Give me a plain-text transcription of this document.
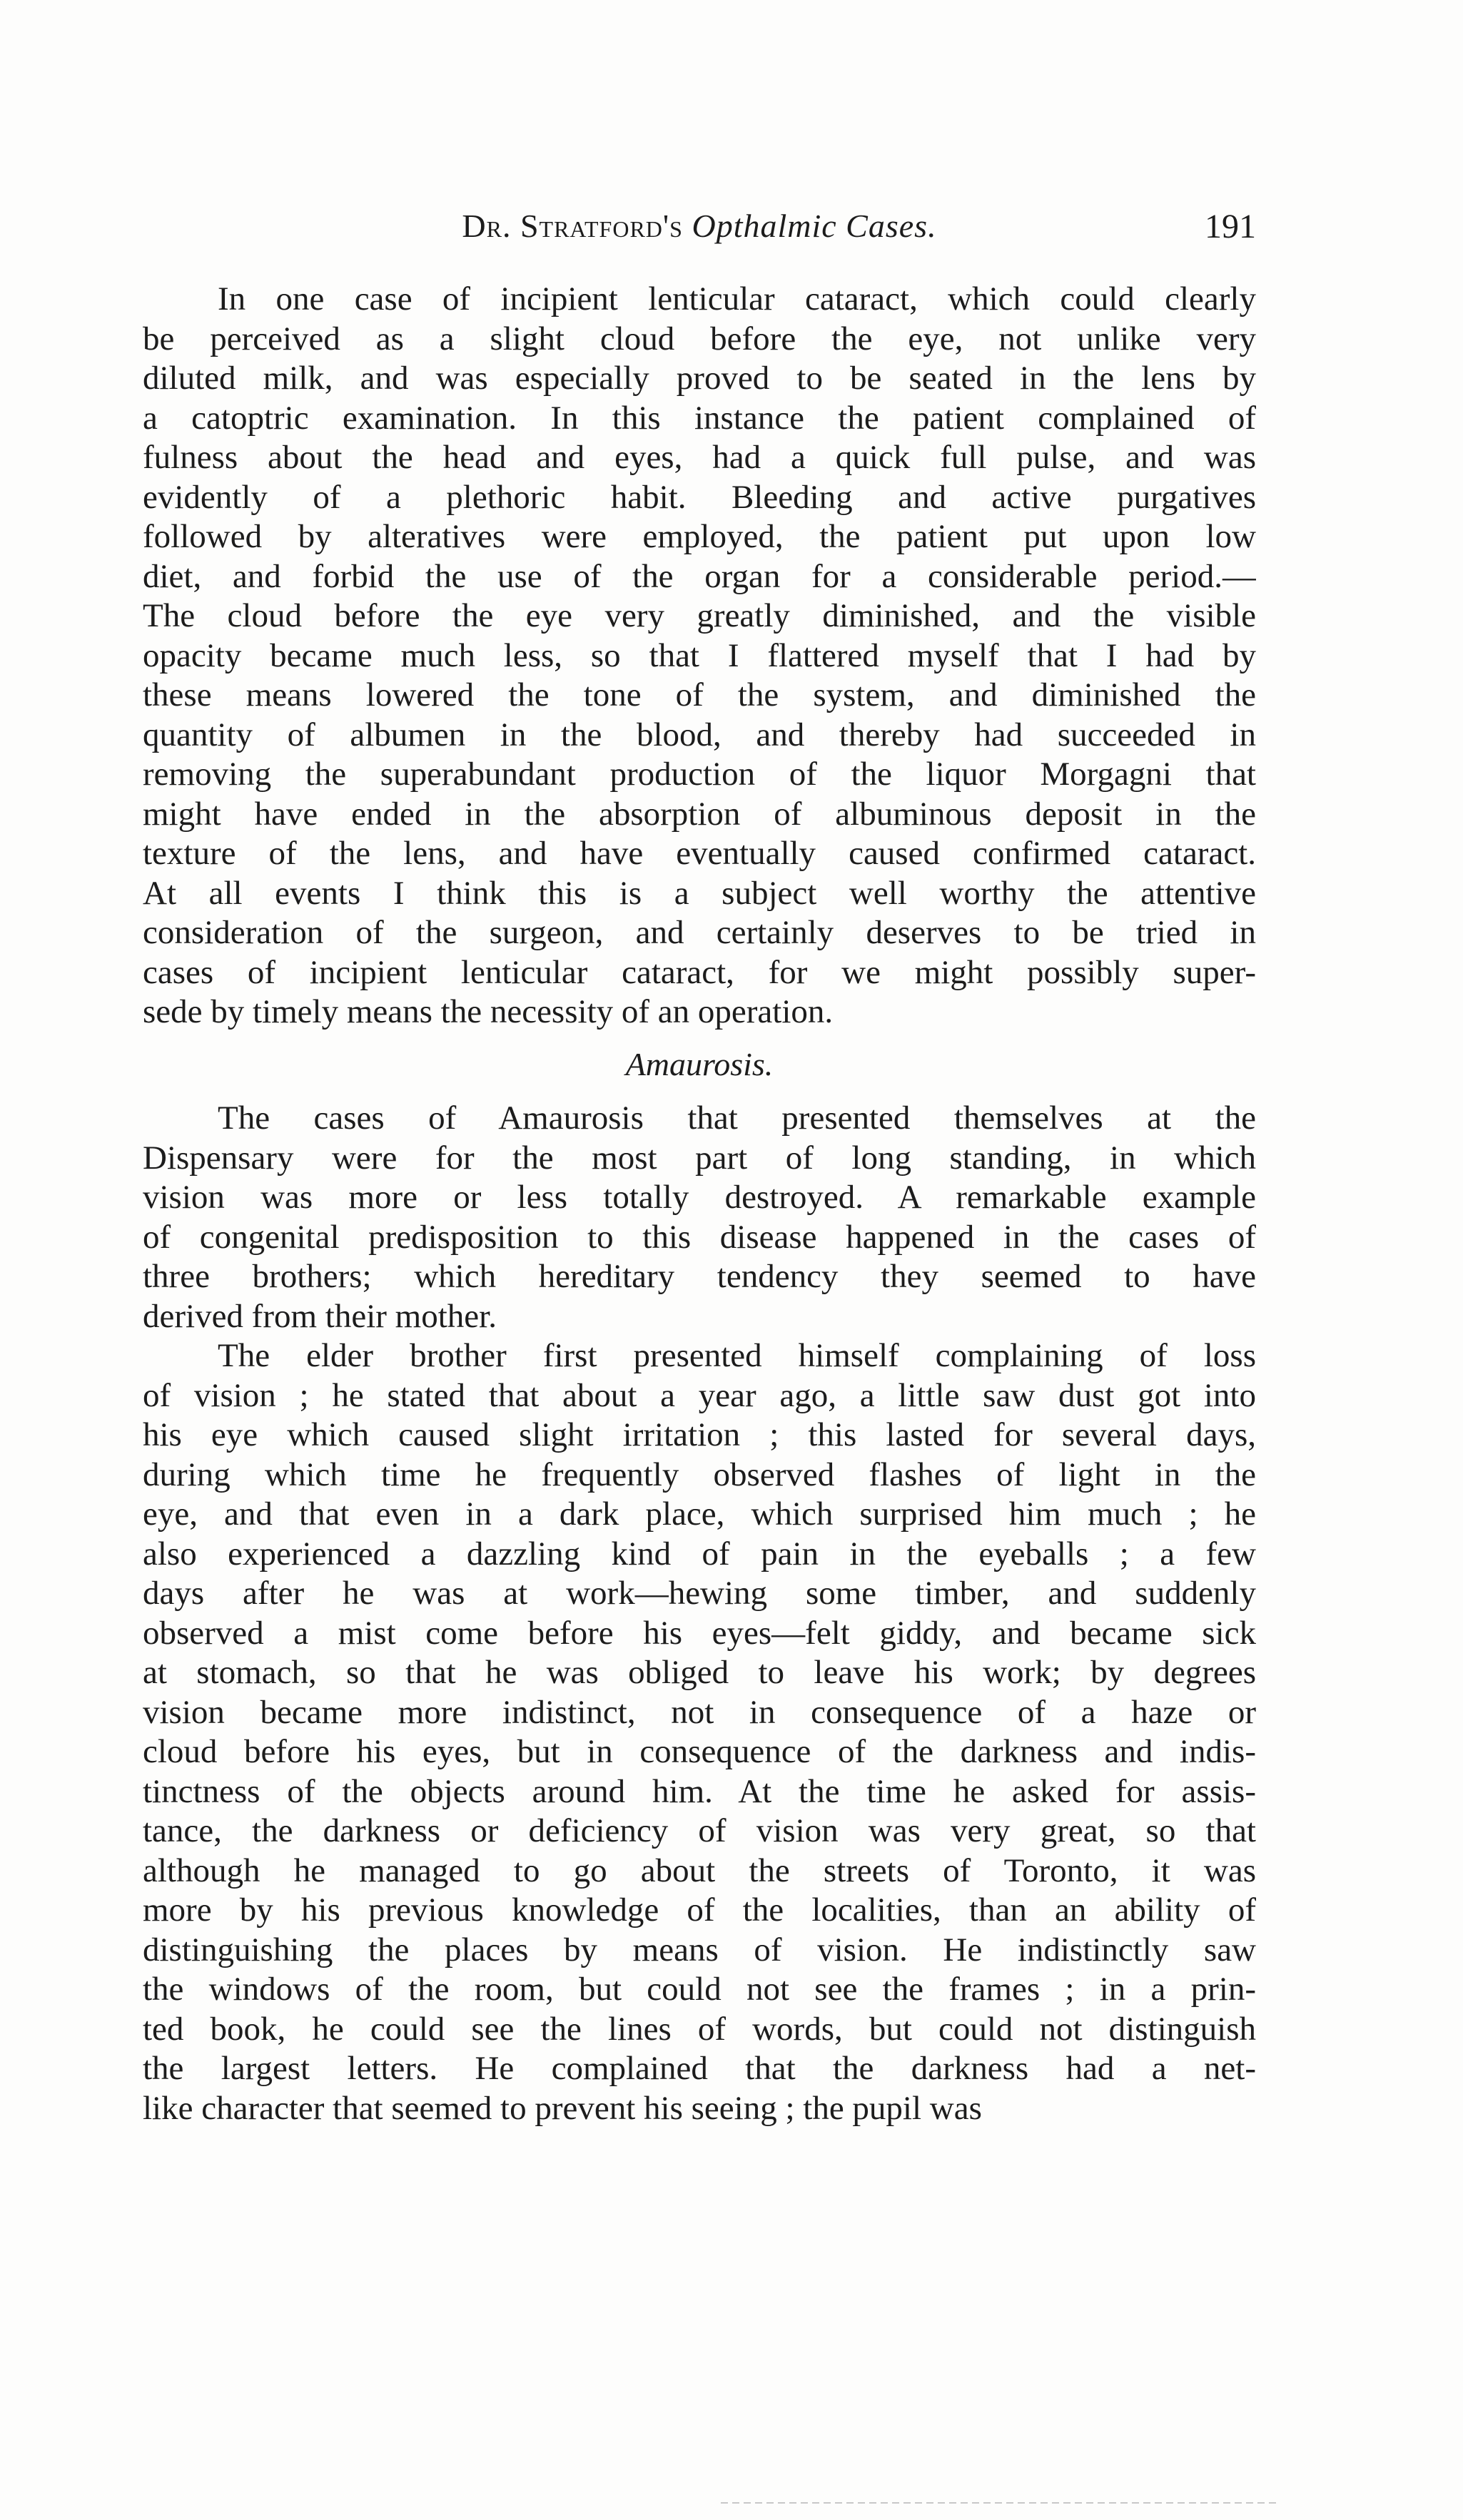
Dr. Stratford's Opthalmic Cases.	191
In one case of incipient lenticular cataract, which could clearly
be perceived as a slight cloud before the eye, not unlike very
diluted milk, and was especially proved to be seated in the lens by
a catoptric examination. In this instance the patient complained of
fulness about the head and eyes, had a quick full pulse, and was
evidently of a plethoric habit. Bleeding and active purgatives
followed by alteratives were employed, the patient put upon low
diet, and forbid the use of the organ for a considerable period.—
The cloud before the eye very greatly diminished, and the visible
opacity became much less, so that I flattered myself that I had by
these means lowered the tone of the system, and diminished the
quantity of albumen in the blood, and thereby had succeeded in
removing the superabundant production of the liquor Morgagni that
might have ended in the absorption of albuminous deposit in the
texture of the lens, and have eventually caused confirmed cataract.
At all events I think this is a subject well worthy the attentive
consideration of the surgeon, and certainly deserves to be tried in
cases of incipient lenticular cataract, for we might possibly super-
sede by timely means the necessity of an operation.
Amaurosis.
The cases of Amaurosis that presented themselves at the
Dispensary were for the most part of long standing, in which
vision was more or less totally destroyed. A remarkable example
of congenital predisposition to this disease happened in the cases of
three brothers; which hereditary tendency they seemed to have
derived from their mother.
The elder brother first presented himself complaining of loss
of vision ; he stated that about a year ago, a little saw dust got into
his eye which caused slight irritation ; this lasted for several days,
during which time he frequently observed flashes of light in the
eye, and that even in a dark place, which surprised him much ; he
also experienced a dazzling kind of pain in the eyeballs ; a few
days after he was at work—hewing some timber, and suddenly
observed a mist come before his eyes—felt giddy, and became sick
at stomach, so that he was obliged to leave his work; by degrees
vision became more indistinct, not in consequence of a haze or
cloud before his eyes, but in consequence of the darkness and indis-
tinctness of the objects around him. At the time he asked for assis-
tance, the darkness or deficiency of vision was very great, so that
although he managed to go about the streets of Toronto, it was
more by his previous knowledge of the localities, than an ability of
distinguishing the places by means of vision. He indistinctly saw
the windows of the room, but could not see the frames ; in a prin-
ted book, he could see the lines of words, but could not distinguish
the largest letters. He complained that the darkness had a net-
like character that seemed to prevent his seeing ; the pupil was
